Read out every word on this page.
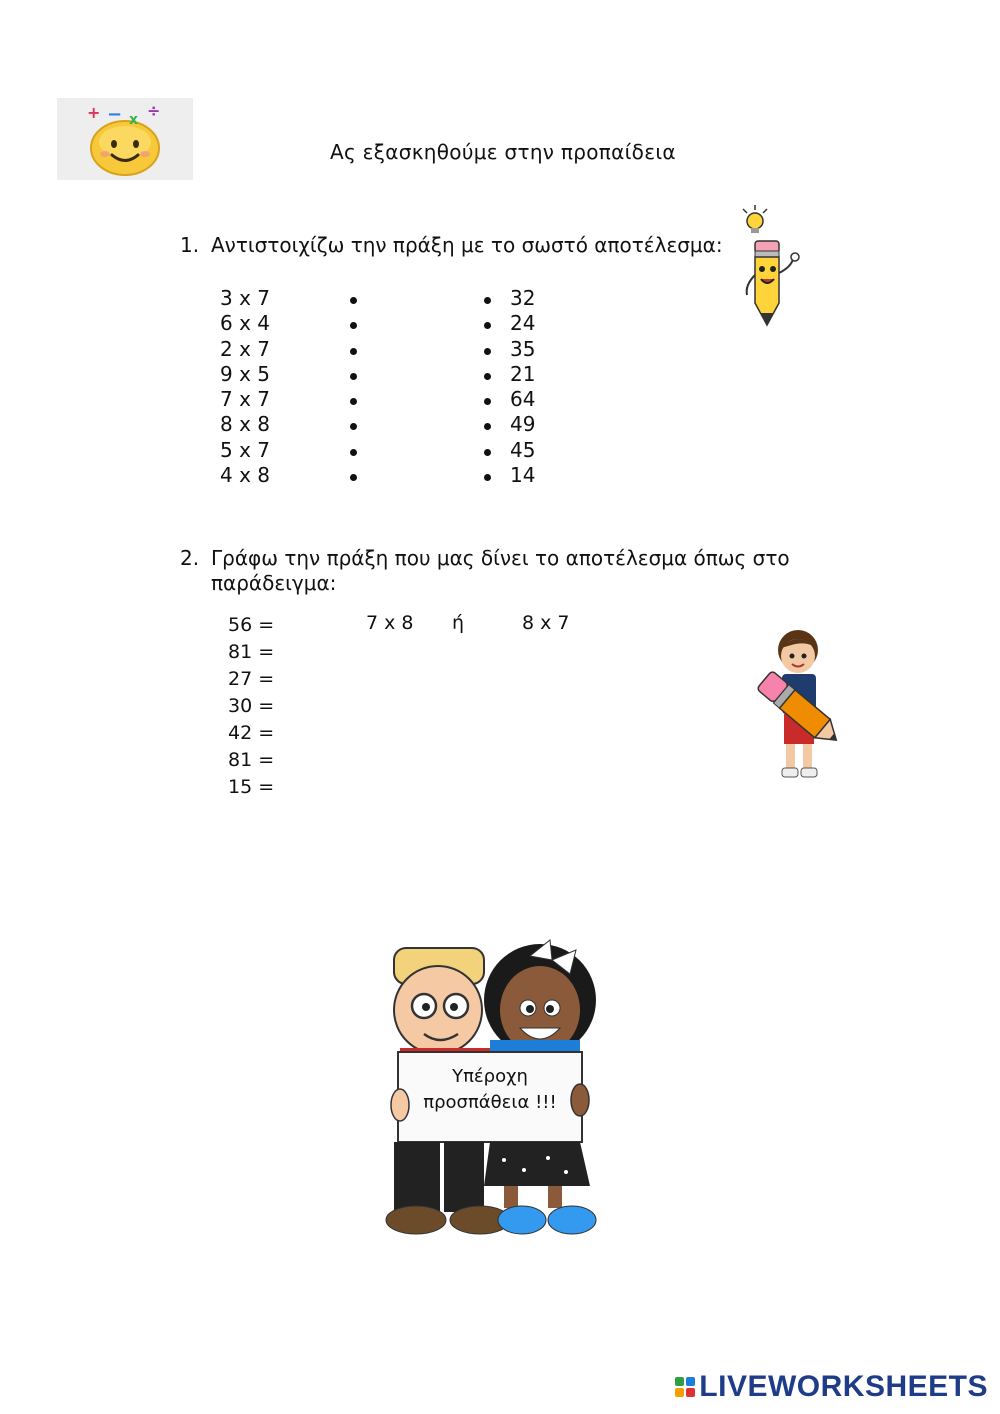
+ − x ÷
Ας εξασκηθούμε στην προπαίδεια
1. Αντιστοιχίζω την πράξη με το σωστό αποτέλεσμα:
3 x 7
6 x 4
2 x 7
9 x 5
7 x 7
8 x 8
5 x 7
4 x 8
32
24
35
21
64
49
45
14
2. Γράφω την πράξη που μας δίνει το αποτέλεσμα όπως στο
παράδειγμα:
56 =
81 =
27 =
30 =
42 =
81 =
15 =
7 x 8 ή	8 x 7
Υπέροχη
προσπάθεια !!!
LIVEWORKSHEETS
